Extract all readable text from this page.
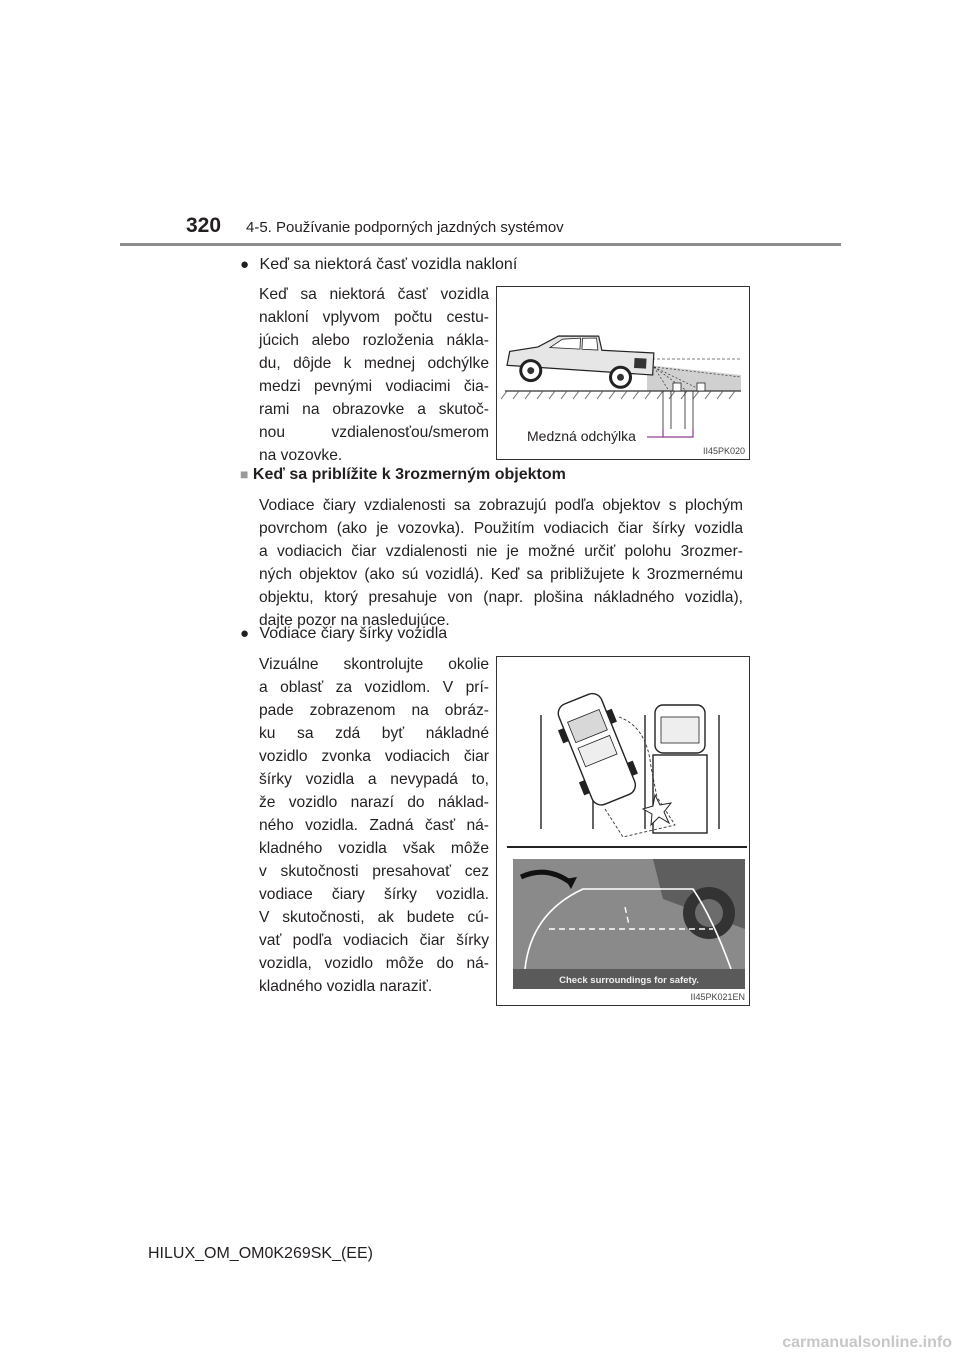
320 4-5. Používanie podporných jazdných systémov
● Keď sa niektorá časť vozidla nakloní
Keď sa niektorá časť vozidla
naklonί vplyvom počtu cestu-
júcich alebo rozloženia nákla-
du, dôjde k mednej odchýlke
medzi pevnými vodiacimi čia-
rami na obrazovke a skutoč-
nou vzdialenosťou/smerom
na vozovke.
Medzná odchýlka
II45PK020
■ Keď sa priblížite k 3rozmerným objektom
Vodiace čiary vzdialenosti sa zobrazujú podľa objektov s plochým
povrchom (ako je vozovka). Použitím vodiacich čiar šírky vozidla
a vodiacich čiar vzdialenosti nie je možné určiť polohu 3rozmer-
ných objektov (ako sú vozidlá). Keď sa približujete k 3rozmernému
objektu, ktorý presahuje von (napr. plošina nákladného vozidla),
dajte pozor na nasledujúce.
● Vodiace čiary šírky vozidla
Vizuálne skontrolujte okolie
a oblasť za vozidlom. V prí-
pade zobrazenom na obráz-
ku sa zdá byť nákladné
vozidlo zvonka vodiacich čiar
šírky vozidla a nevypadá to,
že vozidlo narazí do náklad-
ného vozidla. Zadná časť ná-
kladného vozidla však môže
v skutočnosti presahovať cez
vodiace čiary šírky vozidla.
V skutočnosti, ak budete cú-
vať podľa vodiacich čiar šírky
vozidla, vozidlo môže do ná-
kladného vozidla naraziť.	Check surroundings for safety.
II45PK021EN
HILUX_OM_OM0K269SK_(EE)
carmanualsonline.info
